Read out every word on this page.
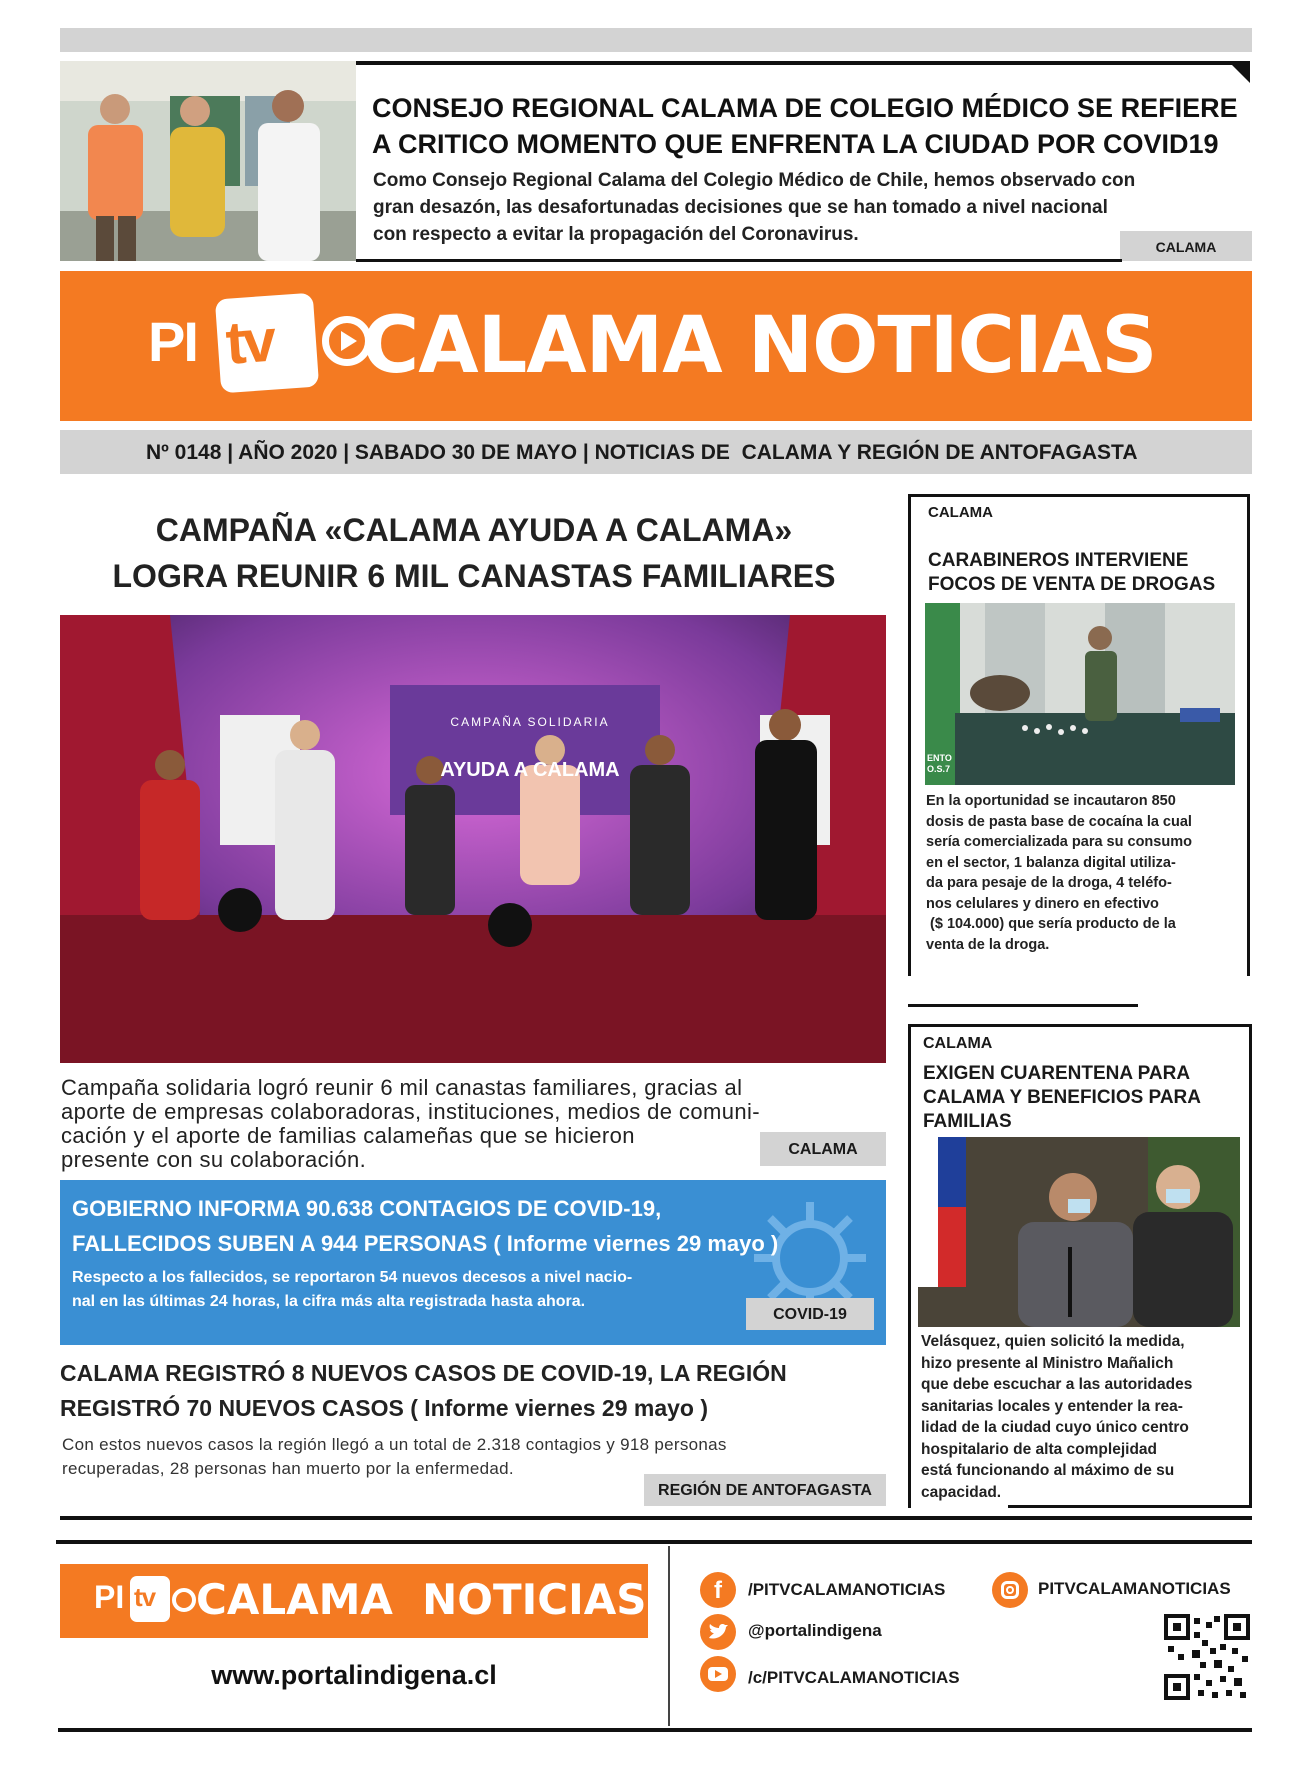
CONSEJO REGIONAL CALAMA DE COLEGIO MÉDICO SE REFIERE
A CRITICO MOMENTO QUE ENFRENTA LA CIUDAD POR COVID19
Como Consejo Regional Calama del Colegio Médico de Chile, hemos observado con
gran desazón, las desafortunadas decisiones que se han tomado a nivel nacional
con respecto a evitar la propagación del Coronavirus.
CALAMA
PI tv CALAMA NOTICIAS
Nº 0148 | AÑO 2020 | SABADO 30 DE MAYO | NOTICIAS DE  CALAMA Y REGIÓN DE ANTOFAGASTA
CAMPAÑA «CALAMA AYUDA A CALAMA»
LOGRA REUNIR 6 MIL CANASTAS FAMILIARES
CAMPAÑA SOLIDARIA
AYUDA A CALAMA
Campaña solidaria logró reunir 6 mil canastas familiares, gracias al
aporte de empresas colaboradoras, instituciones, medios de comuni-
cación y el aporte de familias calameñas que se hicieron
presente con su colaboración.	CALAMA
GOBIERNO INFORMA 90.638 CONTAGIOS DE COVID-19,
FALLECIDOS SUBEN A 944 PERSONAS ( Informe viernes 29 mayo )
Respecto a los fallecidos, se reportaron 54 nuevos decesos a nivel nacio-
nal en las últimas 24 horas, la cifra más alta registrada hasta ahora.
COVID-19
CALAMA REGISTRÓ 8 NUEVOS CASOS DE COVID-19, LA REGIÓN
REGISTRÓ 70 NUEVOS CASOS ( Informe viernes 29 mayo )
Con estos nuevos casos la región llegó a un total de 2.318 contagios y 918 personas
recuperadas, 28 personas han muerto por la enfermedad.
REGIÓN DE ANTOFAGASTA
CALAMA
CARABINEROS INTERVIENE
FOCOS DE VENTA DE DROGAS
ENTO O.S.7
En la oportunidad se incautaron 850
dosis de pasta base de cocaína la cual
sería comercializada para su consumo
en el sector, 1 balanza digital utiliza-
da para pesaje de la droga, 4 teléfo-
nos celulares y dinero en efectivo
($ 104.000) que sería producto de la
venta de la droga.
CALAMA
EXIGEN CUARENTENA PARA
CALAMA Y BENEFICIOS PARA
FAMILIAS
Velásquez, quien solicitó la medida,
hizo presente al Ministro Mañalich
que debe escuchar a las autoridades
sanitarias locales y entender la rea-
lidad de la ciudad cuyo único centro
hospitalario de alta complejidad
está funcionando al máximo de su
capacidad.
PI tv CALAMA  NOTICIAS
www.portalindigena.cl
f	/PITVCALAMANOTICIAS
@portalindigena
/c/PITVCALAMANOTICIAS
PITVCALAMANOTICIAS
